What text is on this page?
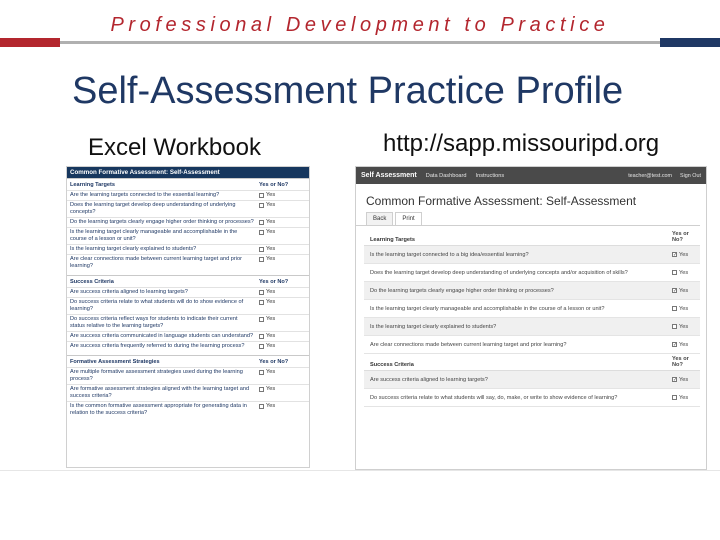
Professional Development to Practice
Self-Assessment Practice Profile
Excel Workbook	http://sapp.missouripd.org
Common Formative Assessment: Self-Assessment
Learning Targets	Yes or No?
Are the learning targets connected to the essential learning?	Yes
Does the learning target develop deep understanding of underlying concepts?
Yes
Do the learning targets clearly engage higher order thinking or processes?	Yes
Is the learning target clearly manageable and accomplishable in the course of a lesson or unit?
Yes
Is the learning target clearly explained to students?	Yes
Are clear connections made between current learning target and prior learning?
Yes
Success Criteria	Yes or No?
Are success criteria aligned to learning targets?	Yes
Do success criteria relate to what students will do to show evidence of learning?
Yes
Do success criteria reflect ways for students to indicate their current status relative to the learning targets?
Yes
Are success criteria communicated in language students can understand?	Yes
Are success criteria frequently referred to during the learning process?	Yes
Formative Assessment Strategies	Yes or No?
Are multiple formative assessment strategies used during the learning process?
Yes
Are formative assessment strategies aligned with the learning target and success criteria?
Yes
Is the common formative assessment appropriate for generating data in relation to the success criteria?
Yes
Self Assessment Data Dashboard Instructions	teacher@test.com Sign Out
Common Formative Assessment: Self-Assessment
Back	Print
Learning Targets
Yes or No?
Is the learning target connected to a big idea/essential learning?	✓ Yes
Does the learning target develop deep understanding of underlying concepts and/or acquisition of skills?	Yes
Do the learning targets clearly engage higher order thinking or processes?	✓ Yes
Is the learning target clearly manageable and accomplishable in the course of a lesson or unit?	Yes
Is the learning target clearly explained to students?	Yes
Are clear connections made between current learning target and prior learning?	✓ Yes
Success Criteria
Yes or No?
Are success criteria aligned to learning targets?	✓ Yes
Do success criteria relate to what students will say, do, make, or write to show evidence of learning?	Yes
